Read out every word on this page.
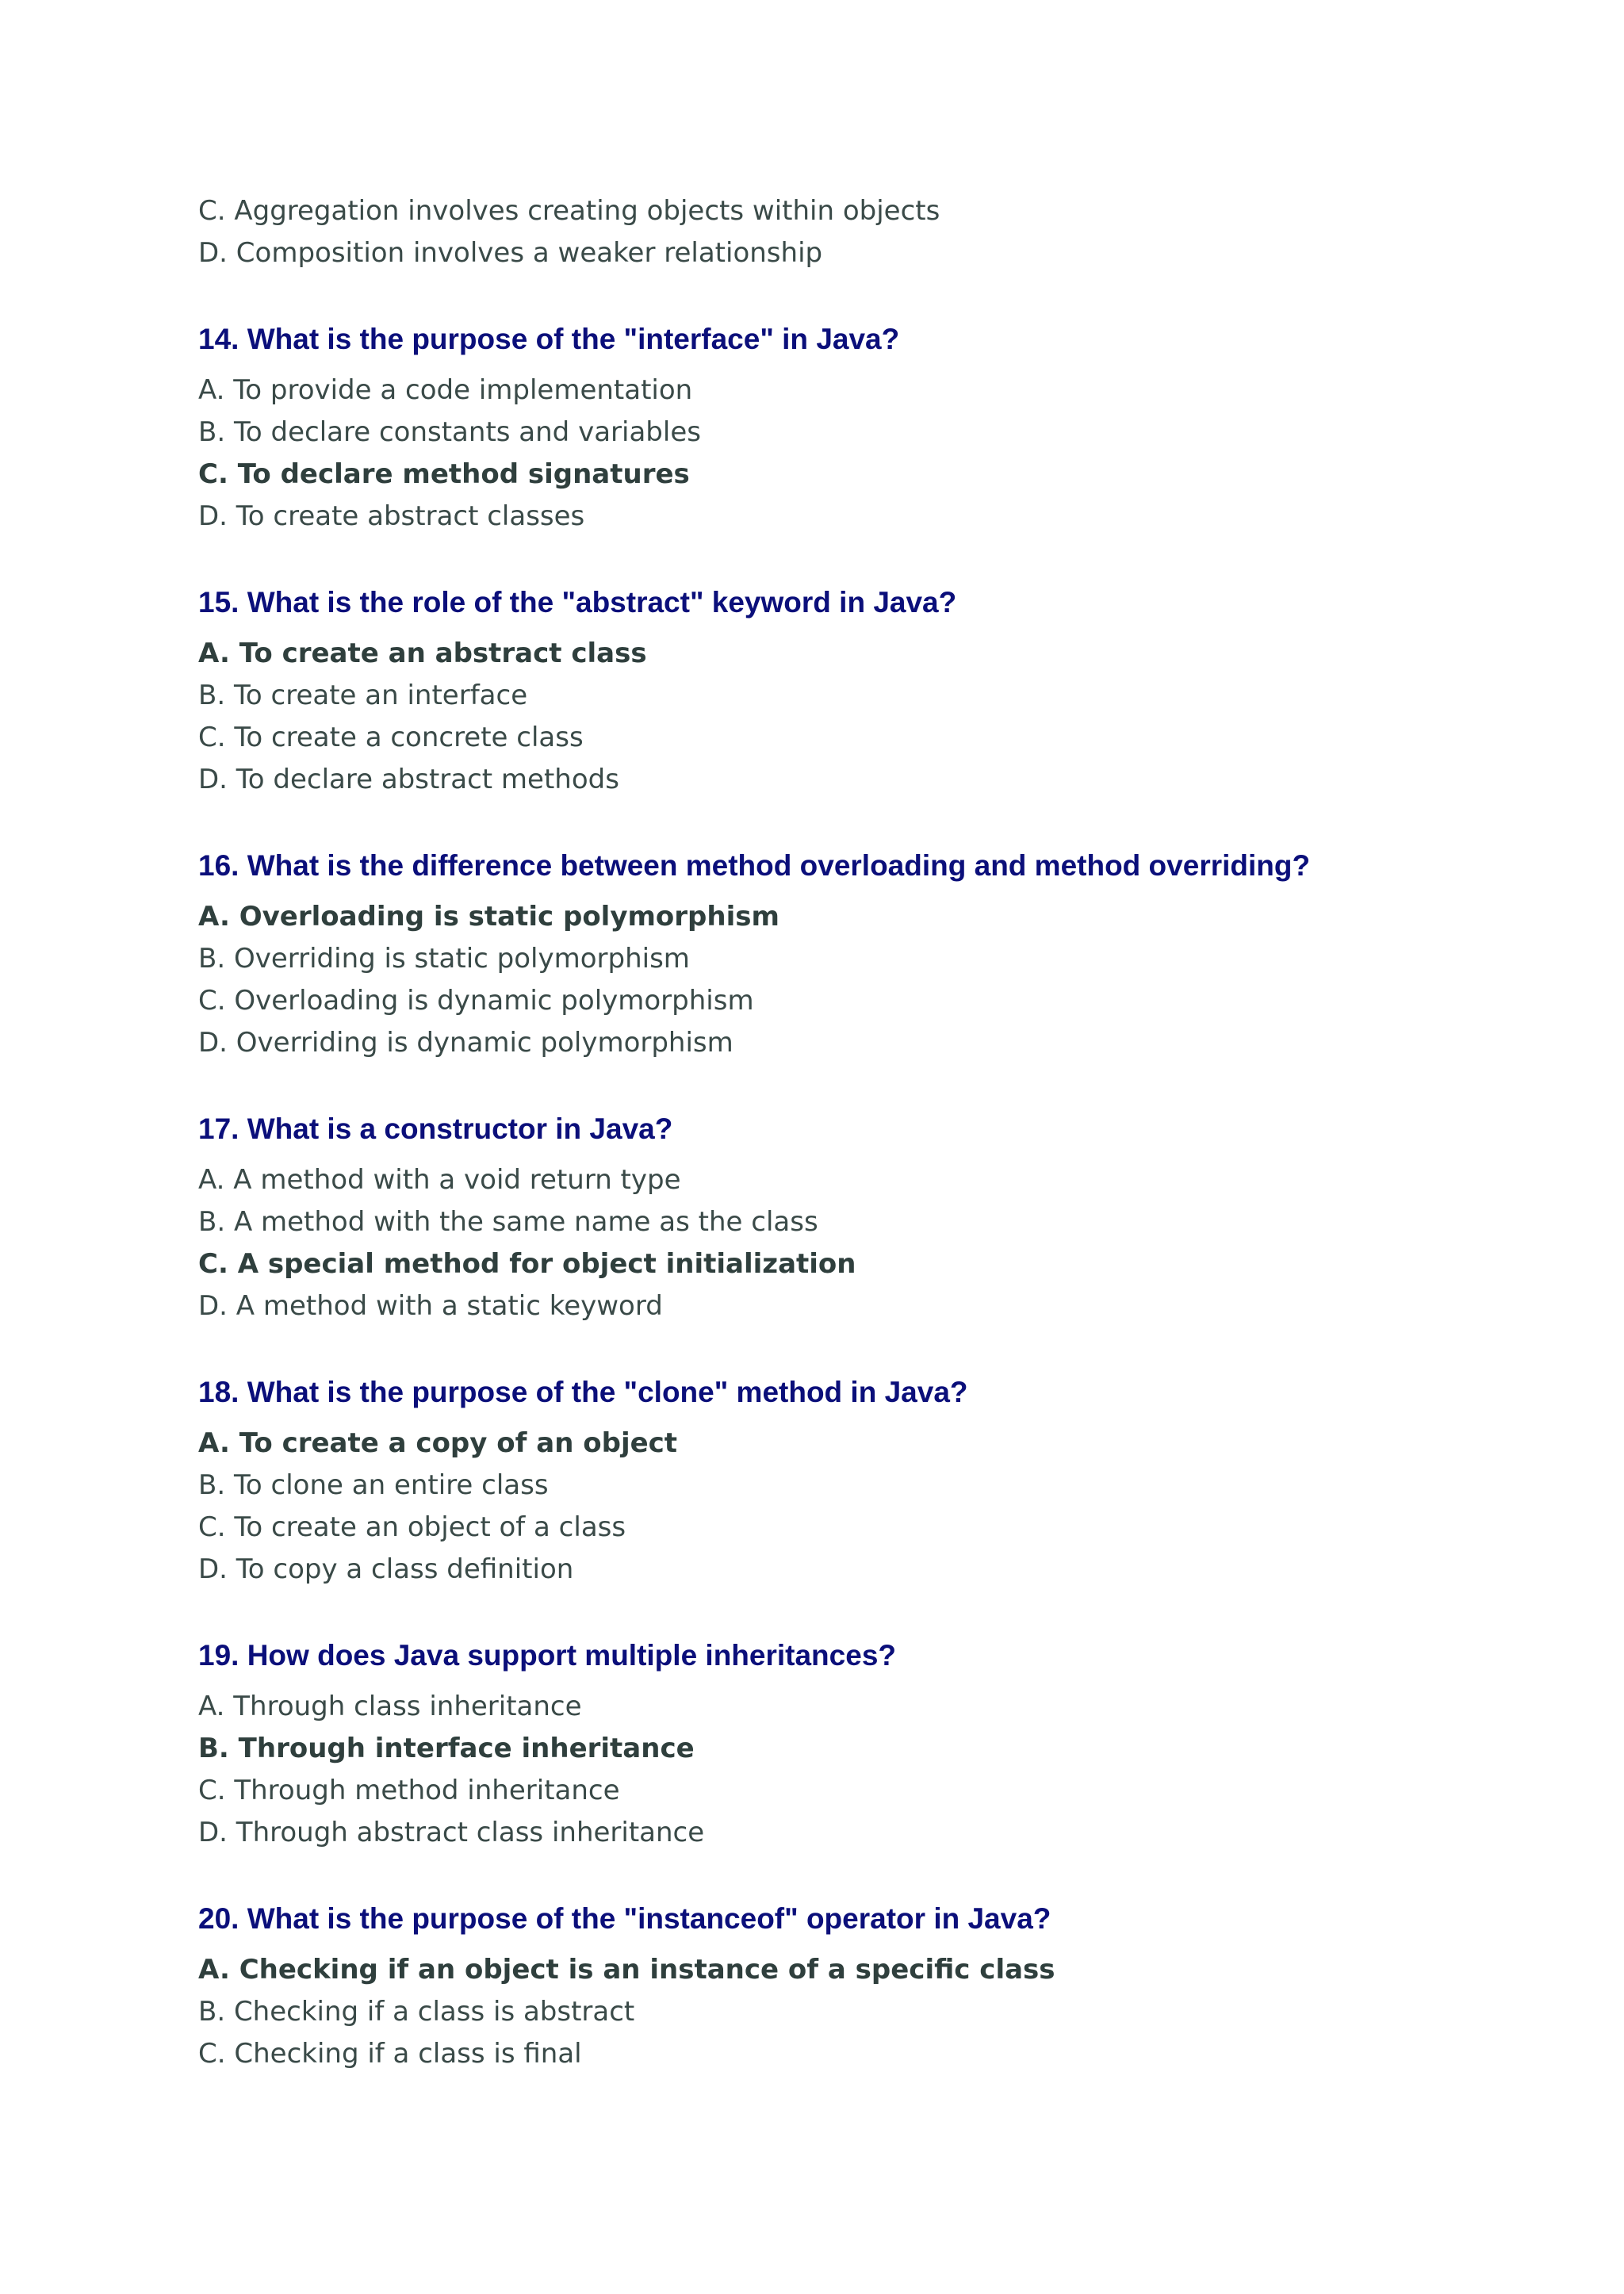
C. Aggregation involves creating objects within objects
D. Composition involves a weaker relationship
14. What is the purpose of the "interface" in Java?
A. To provide a code implementation
B. To declare constants and variables
C. To declare method signatures
D. To create abstract classes
15. What is the role of the "abstract" keyword in Java?
A. To create an abstract class
B. To create an interface
C. To create a concrete class
D. To declare abstract methods
16. What is the difference between method overloading and method overriding?
A. Overloading is static polymorphism
B. Overriding is static polymorphism
C. Overloading is dynamic polymorphism
D. Overriding is dynamic polymorphism
17. What is a constructor in Java?
A. A method with a void return type
B. A method with the same name as the class
C. A special method for object initialization
D. A method with a static keyword
18. What is the purpose of the "clone" method in Java?
A. To create a copy of an object
B. To clone an entire class
C. To create an object of a class
D. To copy a class definition
19. How does Java support multiple inheritances?
A. Through class inheritance
B. Through interface inheritance
C. Through method inheritance
D. Through abstract class inheritance
20. What is the purpose of the "instanceof" operator in Java?
A. Checking if an object is an instance of a specific class
B. Checking if a class is abstract
C. Checking if a class is final
